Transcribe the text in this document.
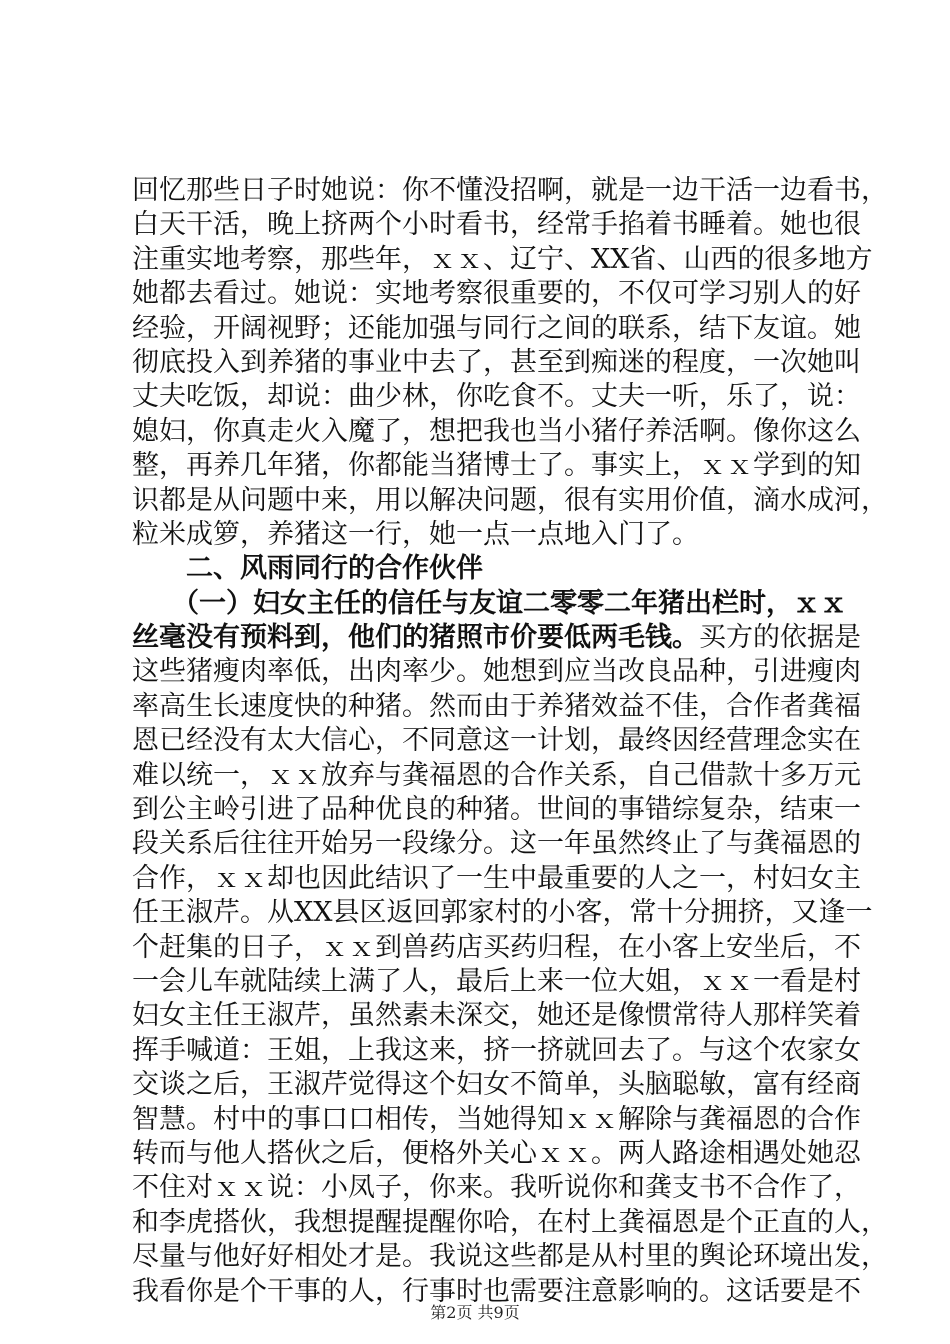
回忆那些日子时她说：你不懂没招啊，就是一边干活一边看书，
白天干活，晚上挤两个小时看书，经常手掐着书睡着。她也很
注重实地考察，那些年，ｘｘ、辽宁、XX省、山西的很多地方
她都去看过。她说：实地考察很重要的，不仅可学习别人的好
经验，开阔视野；还能加强与同行之间的联系，结下友谊。她
彻底投入到养猪的事业中去了，甚至到痴迷的程度，一次她叫
丈夫吃饭，却说：曲少林，你吃食不。丈夫一听，乐了，说：
媳妇，你真走火入魔了，想把我也当小猪仔养活啊。像你这么
整，再养几年猪，你都能当猪博士了。事实上，ｘｘ学到的知
识都是从问题中来，用以解决问题，很有实用价值，滴水成河，
粒米成箩，养猪这一行，她一点一点地入门了。
二、风雨同行的合作伙伴
（一）妇女主任的信任与友谊二零零二年猪出栏时，ｘｘ
丝毫没有预料到，他们的猪照市价要低两毛钱。买方的依据是
这些猪瘦肉率低，出肉率少。她想到应当改良品种，引进瘦肉
率高生长速度快的种猪。然而由于养猪效益不佳，合作者龚福
恩已经没有太大信心，不同意这一计划，最终因经营理念实在
难以统一，ｘｘ放弃与龚福恩的合作关系，自己借款十多万元
到公主岭引进了品种优良的种猪。世间的事错综复杂，结束一
段关系后往往开始另一段缘分。这一年虽然终止了与龚福恩的
合作，ｘｘ却也因此结识了一生中最重要的人之一，村妇女主
任王淑芹。从XX县区返回郭家村的小客，常十分拥挤，又逢一
个赶集的日子，ｘｘ到兽药店买药归程，在小客上安坐后，不
一会儿车就陆续上满了人，最后上来一位大姐，ｘｘ一看是村
妇女主任王淑芹，虽然素未深交，她还是像惯常待人那样笑着
挥手喊道：王姐，上我这来，挤一挤就回去了。与这个农家女
交谈之后，王淑芹觉得这个妇女不简单，头脑聪敏，富有经商
智慧。村中的事口口相传，当她得知ｘｘ解除与龚福恩的合作
转而与他人搭伙之后，便格外关心ｘｘ。两人路途相遇处她忍
不住对ｘｘ说：小凤子，你来。我听说你和龚支书不合作了，
和李虎搭伙，我想提醒提醒你哈，在村上龚福恩是个正直的人，
尽量与他好好相处才是。我说这些都是从村里的舆论环境出发，
我看你是个干事的人，行事时也需要注意影响的。这话要是不
第2页 共9页
